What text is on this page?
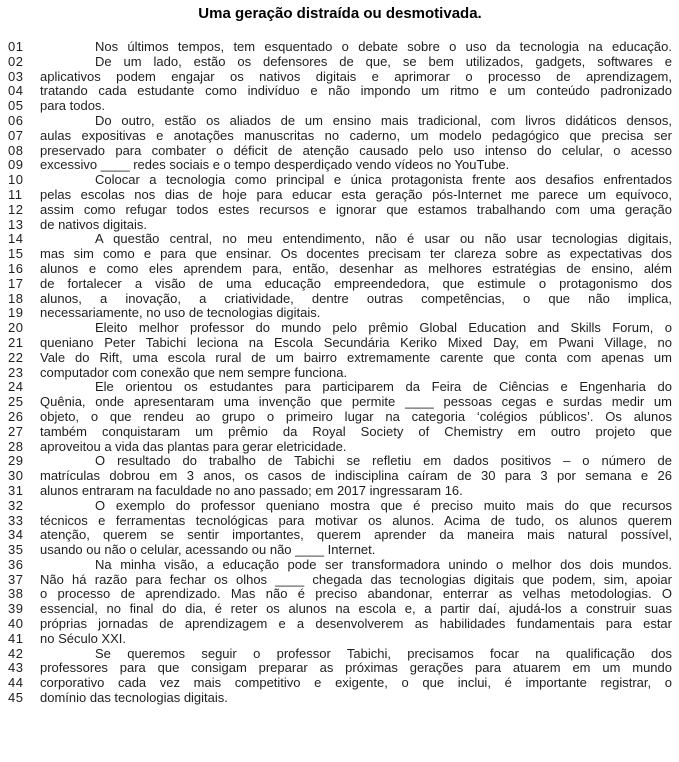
Uma geração distraída ou desmotivada.
01	Nos últimos tempos, tem esquentado o debate sobre o uso da tecnologia na educação.
02	De um lado, estão os defensores de que, se bem utilizados, gadgets, softwares e
03	aplicativos podem engajar os nativos digitais e aprimorar o processo de aprendizagem,
04	tratando cada estudante como indivíduo e não impondo um ritmo e um conteúdo padronizado
05	para todos.
06	Do outro, estão os aliados de um ensino mais tradicional, com livros didáticos densos,
07	aulas expositivas e anotações manuscritas no caderno, um modelo pedagógico que precisa ser
08	preservado para combater o déficit de atenção causado pelo uso intenso do celular, o acesso
09	excessivo ____ redes sociais e o tempo desperdiçado vendo vídeos no YouTube.
10	Colocar a tecnologia como principal e única protagonista frente aos desafios enfrentados
11	pelas escolas nos dias de hoje para educar esta geração pós-Internet me parece um equívoco,
12	assim como refugar todos estes recursos e ignorar que estamos trabalhando com uma geração
13	de nativos digitais.
14	A questão central, no meu entendimento, não é usar ou não usar tecnologias digitais,
15	mas sim como e para que ensinar. Os docentes precisam ter clareza sobre as expectativas dos
16	alunos e como eles aprendem para, então, desenhar as melhores estratégias de ensino, além
17	de fortalecer a visão de uma educação empreendedora, que estimule o protagonismo dos
18	alunos, a inovação, a criatividade, dentre outras competências, o que não implica,
19	necessariamente, no uso de tecnologias digitais.
20	Eleito melhor professor do mundo pelo prêmio Global Education and Skills Forum, o
21	queniano Peter Tabichi leciona na Escola Secundária Keriko Mixed Day, em Pwani Village, no
22	Vale do Rift, uma escola rural de um bairro extremamente carente que conta com apenas um
23	computador com conexão que nem sempre funciona.
24	Ele orientou os estudantes para participarem da Feira de Ciências e Engenharia do
25	Quênia, onde apresentaram uma invenção que permite ____ pessoas cegas e surdas medir um
26	objeto, o que rendeu ao grupo o primeiro lugar na categoria ‘colégios públicos’. Os alunos
27	também conquistaram um prêmio da Royal Society of Chemistry em outro projeto que
28	aproveitou a vida das plantas para gerar eletricidade.
29	O resultado do trabalho de Tabichi se refletiu em dados positivos – o número de
30	matrículas dobrou em 3 anos, os casos de indisciplina caíram de 30 para 3 por semana e 26
31	alunos entraram na faculdade no ano passado; em 2017 ingressaram 16.
32	O exemplo do professor queniano mostra que é preciso muito mais do que recursos
33	técnicos e ferramentas tecnológicas para motivar os alunos. Acima de tudo, os alunos querem
34	atenção, querem se sentir importantes, querem aprender da maneira mais natural possível,
35	usando ou não o celular, acessando ou não ____ Internet.
36	Na minha visão, a educação pode ser transformadora unindo o melhor dos dois mundos.
37	Não há razão para fechar os olhos ____ chegada das tecnologias digitais que podem, sim, apoiar
38	o processo de aprendizado. Mas não é preciso abandonar, enterrar as velhas metodologias. O
39	essencial, no final do dia, é reter os alunos na escola e, a partir daí, ajudá-los a construir suas
40	próprias jornadas de aprendizagem e a desenvolverem as habilidades fundamentais para estar
41	no Século XXI.
42	Se queremos seguir o professor Tabichi, precisamos focar na qualificação dos
43	professores para que consigam preparar as próximas gerações para atuarem em um mundo
44	corporativo cada vez mais competitivo e exigente, o que inclui, é importante registrar, o
45	domínio das tecnologias digitais.
